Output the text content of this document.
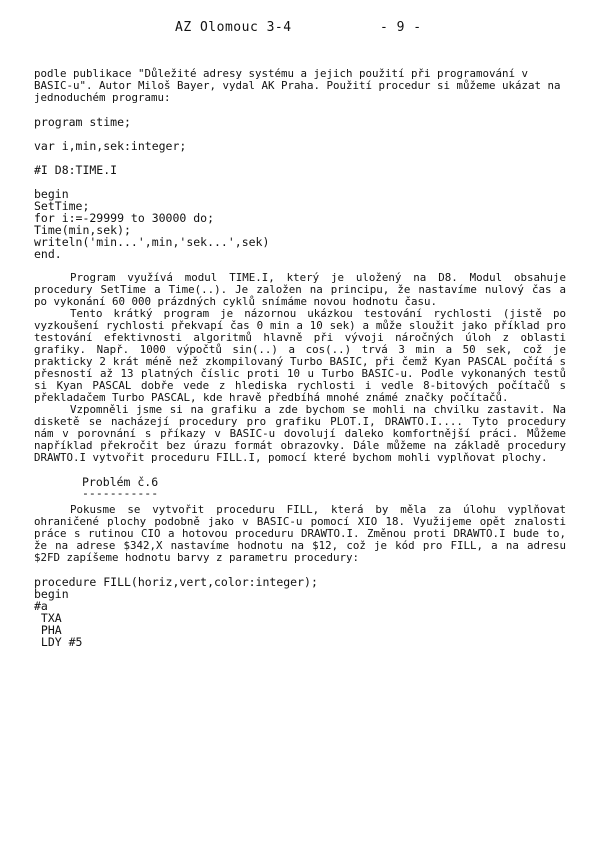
AZ Olomouc 3-4	- 9 -

podle publikace "Důležité adresy systému a jejich použití při programování v BASIC-u". Autor Miloš Bayer, vydal AK Praha. Použití procedur si můžeme ukázat na jednoduchém programu:

program stime;

var i,min,sek:integer;

#I D8:TIME.I

begin

SetTime;

for i:=-29999 to 30000 do;

Time(min,sek);

writeln('min...',min,'sek...',sek)

end.

Program využívá modul TIME.I, který je uložený na D8. Modul obsahuje procedury SetTime a Time(..). Je založen na principu, že nastavíme nulový čas a po vykonání 60 000 prázdných cyklů snímáme novou hodnotu času.

Tento krátký program je názornou ukázkou testování rychlosti (jistě po vyzkoušení rychlosti překvapí čas 0 min a 10 sek) a může sloužit jako příklad pro testování efektivnosti algoritmů hlavně při vývoji náročných úloh z oblasti grafiky. Např. 1000 výpočtů sin(..) a cos(..) trvá 3 min a 50 sek, což je prakticky 2 krát méně než zkompilovaný Turbo BASIC, při čemž Kyan PASCAL počítá s přesností až 13 platných číslic proti 10 u Turbo BASIC-u. Podle vykonaných testů si Kyan PASCAL dobře vede z hlediska rychlosti i vedle 8-bitových počítačů s překladačem Turbo PASCAL, kde hravě předbíhá mnohé známé značky počítačů.

Vzpomněli jsme si na grafiku a zde bychom se mohli na chvilku zastavit. Na disketě se nacházejí procedury pro grafiku PLOT.I, DRAWTO.I.... Tyto procedury nám v porovnání s příkazy v BASIC-u dovolují daleko komfortnější práci. Můžeme například překročit bez úrazu formát obrazovky. Dále můžeme na základě procedury DRAWTO.I vytvořit proceduru FILL.I, pomocí které bychom mohli vyplňovat plochy.

Problém č.6

-----------

Pokusme se vytvořit proceduru FILL, která by měla za úlohu vyplňovat ohraničené plochy podobně jako v BASIC-u pomocí XIO 18. Využijeme opět znalosti práce s rutinou CIO a hotovou proceduru DRAWTO.I. Změnou proti DRAWTO.I bude to, že na adrese $342,X nastavíme hodnotu na $12, což je kód pro FILL, a na adresu $2FD zapíšeme hodnotu barvy z parametru procedury:

procedure FILL(horiz,vert,color:integer);

begin

#a

TXA

PHA

LDY #5
